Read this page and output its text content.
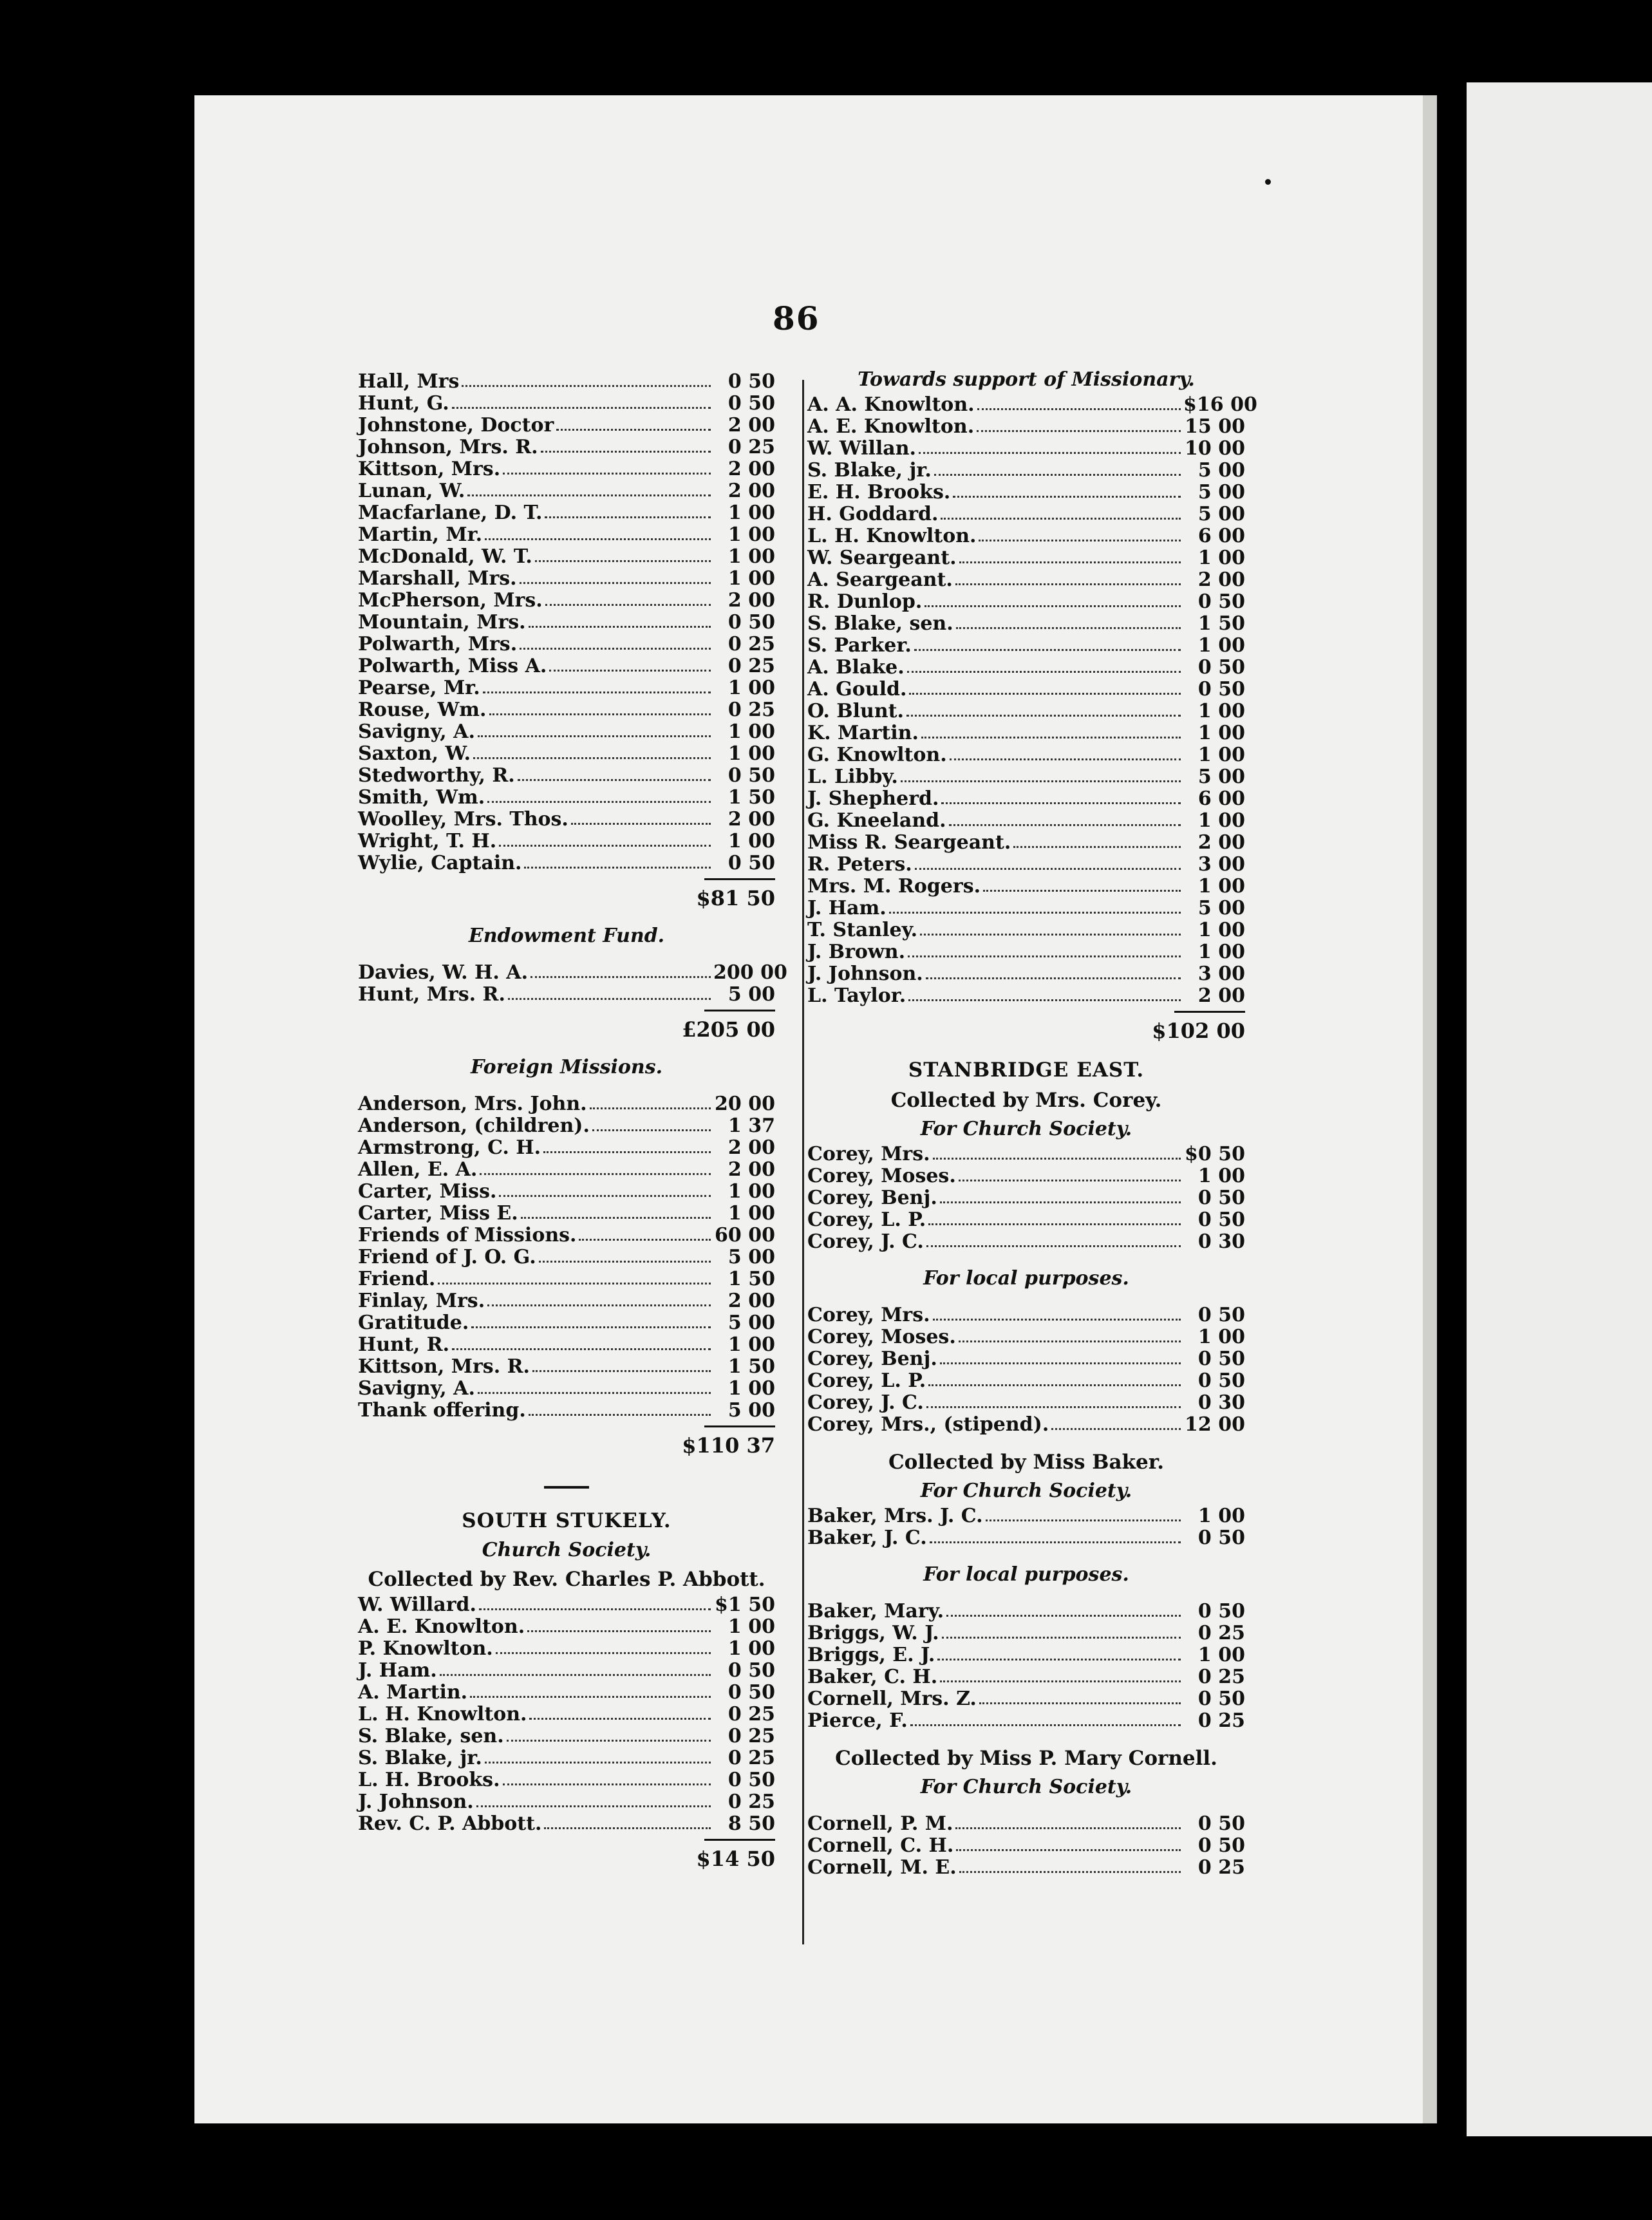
86
Hall, Mrs	0 50
Hunt, G.	0 50
Johnstone, Doctor	2 00
Johnson, Mrs. R.	0 25
Kittson, Mrs.	2 00
Lunan, W.	2 00
Macfarlane, D. T.	1 00
Martin, Mr.	1 00
McDonald, W. T.	1 00
Marshall, Mrs.	1 00
McPherson, Mrs.	2 00
Mountain, Mrs.	0 50
Polwarth, Mrs.	0 25
Polwarth, Miss A.	0 25
Pearse, Mr.	1 00
Rouse, Wm.	0 25
Savigny, A.	1 00
Saxton, W.	1 00
Stedworthy, R.	0 50
Smith, Wm.	1 50
Woolley, Mrs. Thos.	2 00
Wright, T. H.	1 00
Wylie, Captain.	0 50
$81 50
Endowment Fund.
Davies, W. H. A.	200 00
Hunt, Mrs. R.	5 00
£205 00
Foreign Missions.
Anderson, Mrs. John.	20 00
Anderson, (children).	1 37
Armstrong, C. H.	2 00
Allen, E. A.	2 00
Carter, Miss.	1 00
Carter, Miss E.	1 00
Friends of Missions.	60 00
Friend of J. O. G.	5 00
Friend.	1 50
Finlay, Mrs.	2 00
Gratitude.	5 00
Hunt, R.	1 00
Kittson, Mrs. R.	1 50
Savigny, A.	1 00
Thank offering.	5 00
$110 37
SOUTH STUKELY.
Church Society.
Collected by Rev. Charles P. Abbott.
W. Willard.	$1 50
A. E. Knowlton.	1 00
P. Knowlton.	1 00
J. Ham.	0 50
A. Martin.	0 50
L. H. Knowlton.	0 25
S. Blake, sen.	0 25
S. Blake, jr.	0 25
L. H. Brooks.	0 50
J. Johnson.	0 25
Rev. C. P. Abbott.	8 50
$14 50
Towards support of Missionary.
A. A. Knowlton.	$16 00
A. E. Knowlton.	15 00
W. Willan.	10 00
S. Blake, jr.	5 00
E. H. Brooks.	5 00
H. Goddard.	5 00
L. H. Knowlton.	6 00
W. Seargeant.	1 00
A. Seargeant.	2 00
R. Dunlop.	0 50
S. Blake, sen.	1 50
S. Parker.	1 00
A. Blake.	0 50
A. Gould.	0 50
O. Blunt.	1 00
K. Martin.	1 00
G. Knowlton.	1 00
L. Libby.	5 00
J. Shepherd.	6 00
G. Kneeland.	1 00
Miss R. Seargeant.	2 00
R. Peters.	3 00
Mrs. M. Rogers.	1 00
J. Ham.	5 00
T. Stanley.	1 00
J. Brown.	1 00
J. Johnson.	3 00
L. Taylor.	2 00
$102 00
STANBRIDGE EAST.
Collected by Mrs. Corey.
For Church Society.
Corey, Mrs.	$0 50
Corey, Moses.	1 00
Corey, Benj.	0 50
Corey, L. P.	0 50
Corey, J. C.	0 30
For local purposes.
Corey, Mrs.	0 50
Corey, Moses.	1 00
Corey, Benj.	0 50
Corey, L. P.	0 50
Corey, J. C.	0 30
Corey, Mrs., (stipend).	12 00
Collected by Miss Baker.
For Church Society.
Baker, Mrs. J. C.	1 00
Baker, J. C.	0 50
For local purposes.
Baker, Mary.	0 50
Briggs, W. J.	0 25
Briggs, E. J.	1 00
Baker, C. H.	0 25
Cornell, Mrs. Z.	0 50
Pierce, F.	0 25
Collected by Miss P. Mary Cornell.
For Church Society.
Cornell, P. M.	0 50
Cornell, C. H.	0 50
Cornell, M. E.	0 25
